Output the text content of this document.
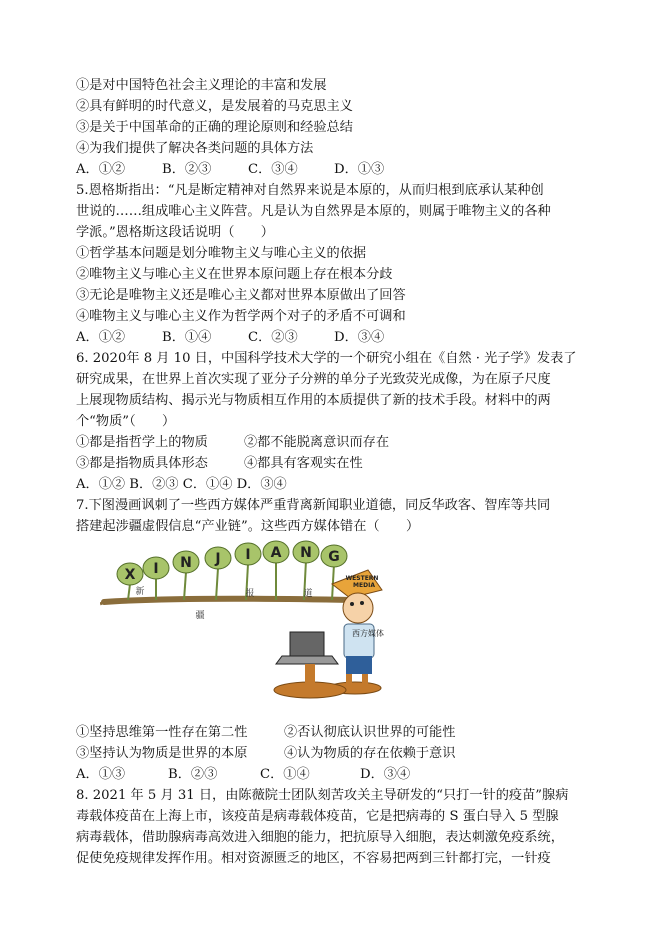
①是对中国特色社会主义理论的丰富和发展
②具有鲜明的时代意义，是发展着的马克思主义
③是关于中国革命的正确的理论原则和经验总结
④为我们提供了解决各类问题的具体方法
A．①②	B．②③	C．③④	D．①③
5.恩格斯指出：“凡是断定精神对自然界来说是本原的，从而归根到底承认某种创
世说的……组成唯心主义阵营。凡是认为自然界是本原的，则属于唯物主义的各种
学派。”恩格斯这段话说明（　　）
①哲学基本问题是划分唯物主义与唯心主义的依据
②唯物主义与唯心主义在世界本原问题上存在根本分歧
③无论是唯物主义还是唯心主义都对世界本原做出了回答
④唯物主义与唯心主义作为哲学两个对子的矛盾不可调和
A．①②	B．①④	C．②③	D．③④
6. 2020年 8 月 10 日，中国科学技术大学的一个研究小组在《自然 · 光子学》发表了
研究成果，在世界上首次实现了亚分子分辨的单分子光致荧光成像，为在原子尺度
上展现物质结构、揭示光与物质相互作用的本质提供了新的技术手段。材料中的两
个“物质”（　　）
①都是指哲学上的物质	②都不能脱离意识而存在
③都是指物质具体形态	④都具有客观实在性
A．①② B．②③ C．①④ D．③④
7.下图漫画讽刺了一些西方媒体严重背离新闻职业道德，同反华政客、智库等共同
搭建起涉疆虚假信息“产业链”。这些西方媒体错在（　　）
X I N J I A N G
新
疆
报	道
WESTERN
MEDIA
西方媒体
①坚持思维第一性存在第二性	②否认彻底认识世界的可能性
③坚持认为物质是世界的本原	④认为物质的存在依赖于意识
A．①③	B．②③	C．①④	D．③④
8. 2021 年 5 月 31 日，由陈薇院士团队刻苦攻关主导研发的“只打一针的疫苗”腺病
毒载体疫苗在上海上市，该疫苗是病毒载体疫苗，它是把病毒的 S 蛋白导入 5 型腺
病毒载体，借助腺病毒高效进入细胞的能力，把抗原导入细胞，表达刺激免疫系统，
促使免疫规律发挥作用。相对资源匮乏的地区，不容易把两到三针都打完，一针疫
